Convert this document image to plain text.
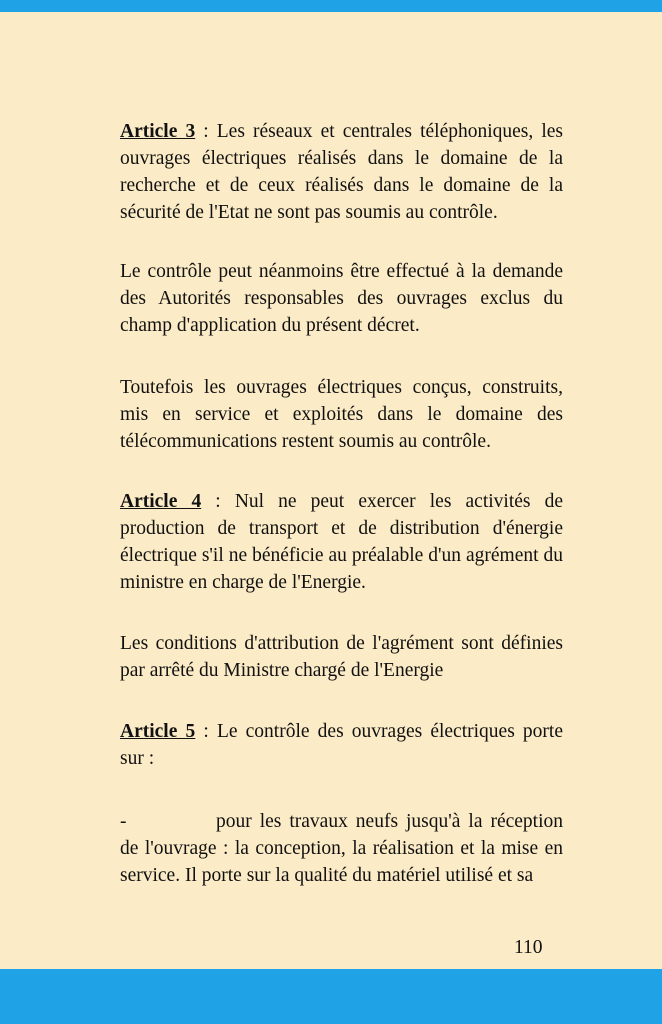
Article 3 : Les réseaux et centrales téléphoniques, les ouvrages électriques réalisés dans le domaine de la recherche et de ceux réalisés dans le domaine de la sécurité de l'Etat ne sont pas soumis au contrôle.

Le contrôle peut néanmoins être effectué à la demande des Autorités responsables des ouvrages exclus du champ d'application du présent décret.

Toutefois les ouvrages électriques conçus, construits, mis en service et exploités dans le domaine des télécommunications restent soumis au contrôle.

Article 4 : Nul ne peut exercer les activités de production de transport et de distribution d'énergie électrique s'il ne bénéficie au préalable d'un agrément du ministre en charge de l'Energie.

Les conditions d'attribution de l'agrément sont définies par arrêté du Ministre chargé de l'Energie

Article 5 : Le contrôle des ouvrages électriques porte sur :

-	pour les travaux neufs jusqu'à la réception de l'ouvrage : la conception, la réalisation et la mise en service. Il porte sur la qualité du matériel utilisé et sa

110
